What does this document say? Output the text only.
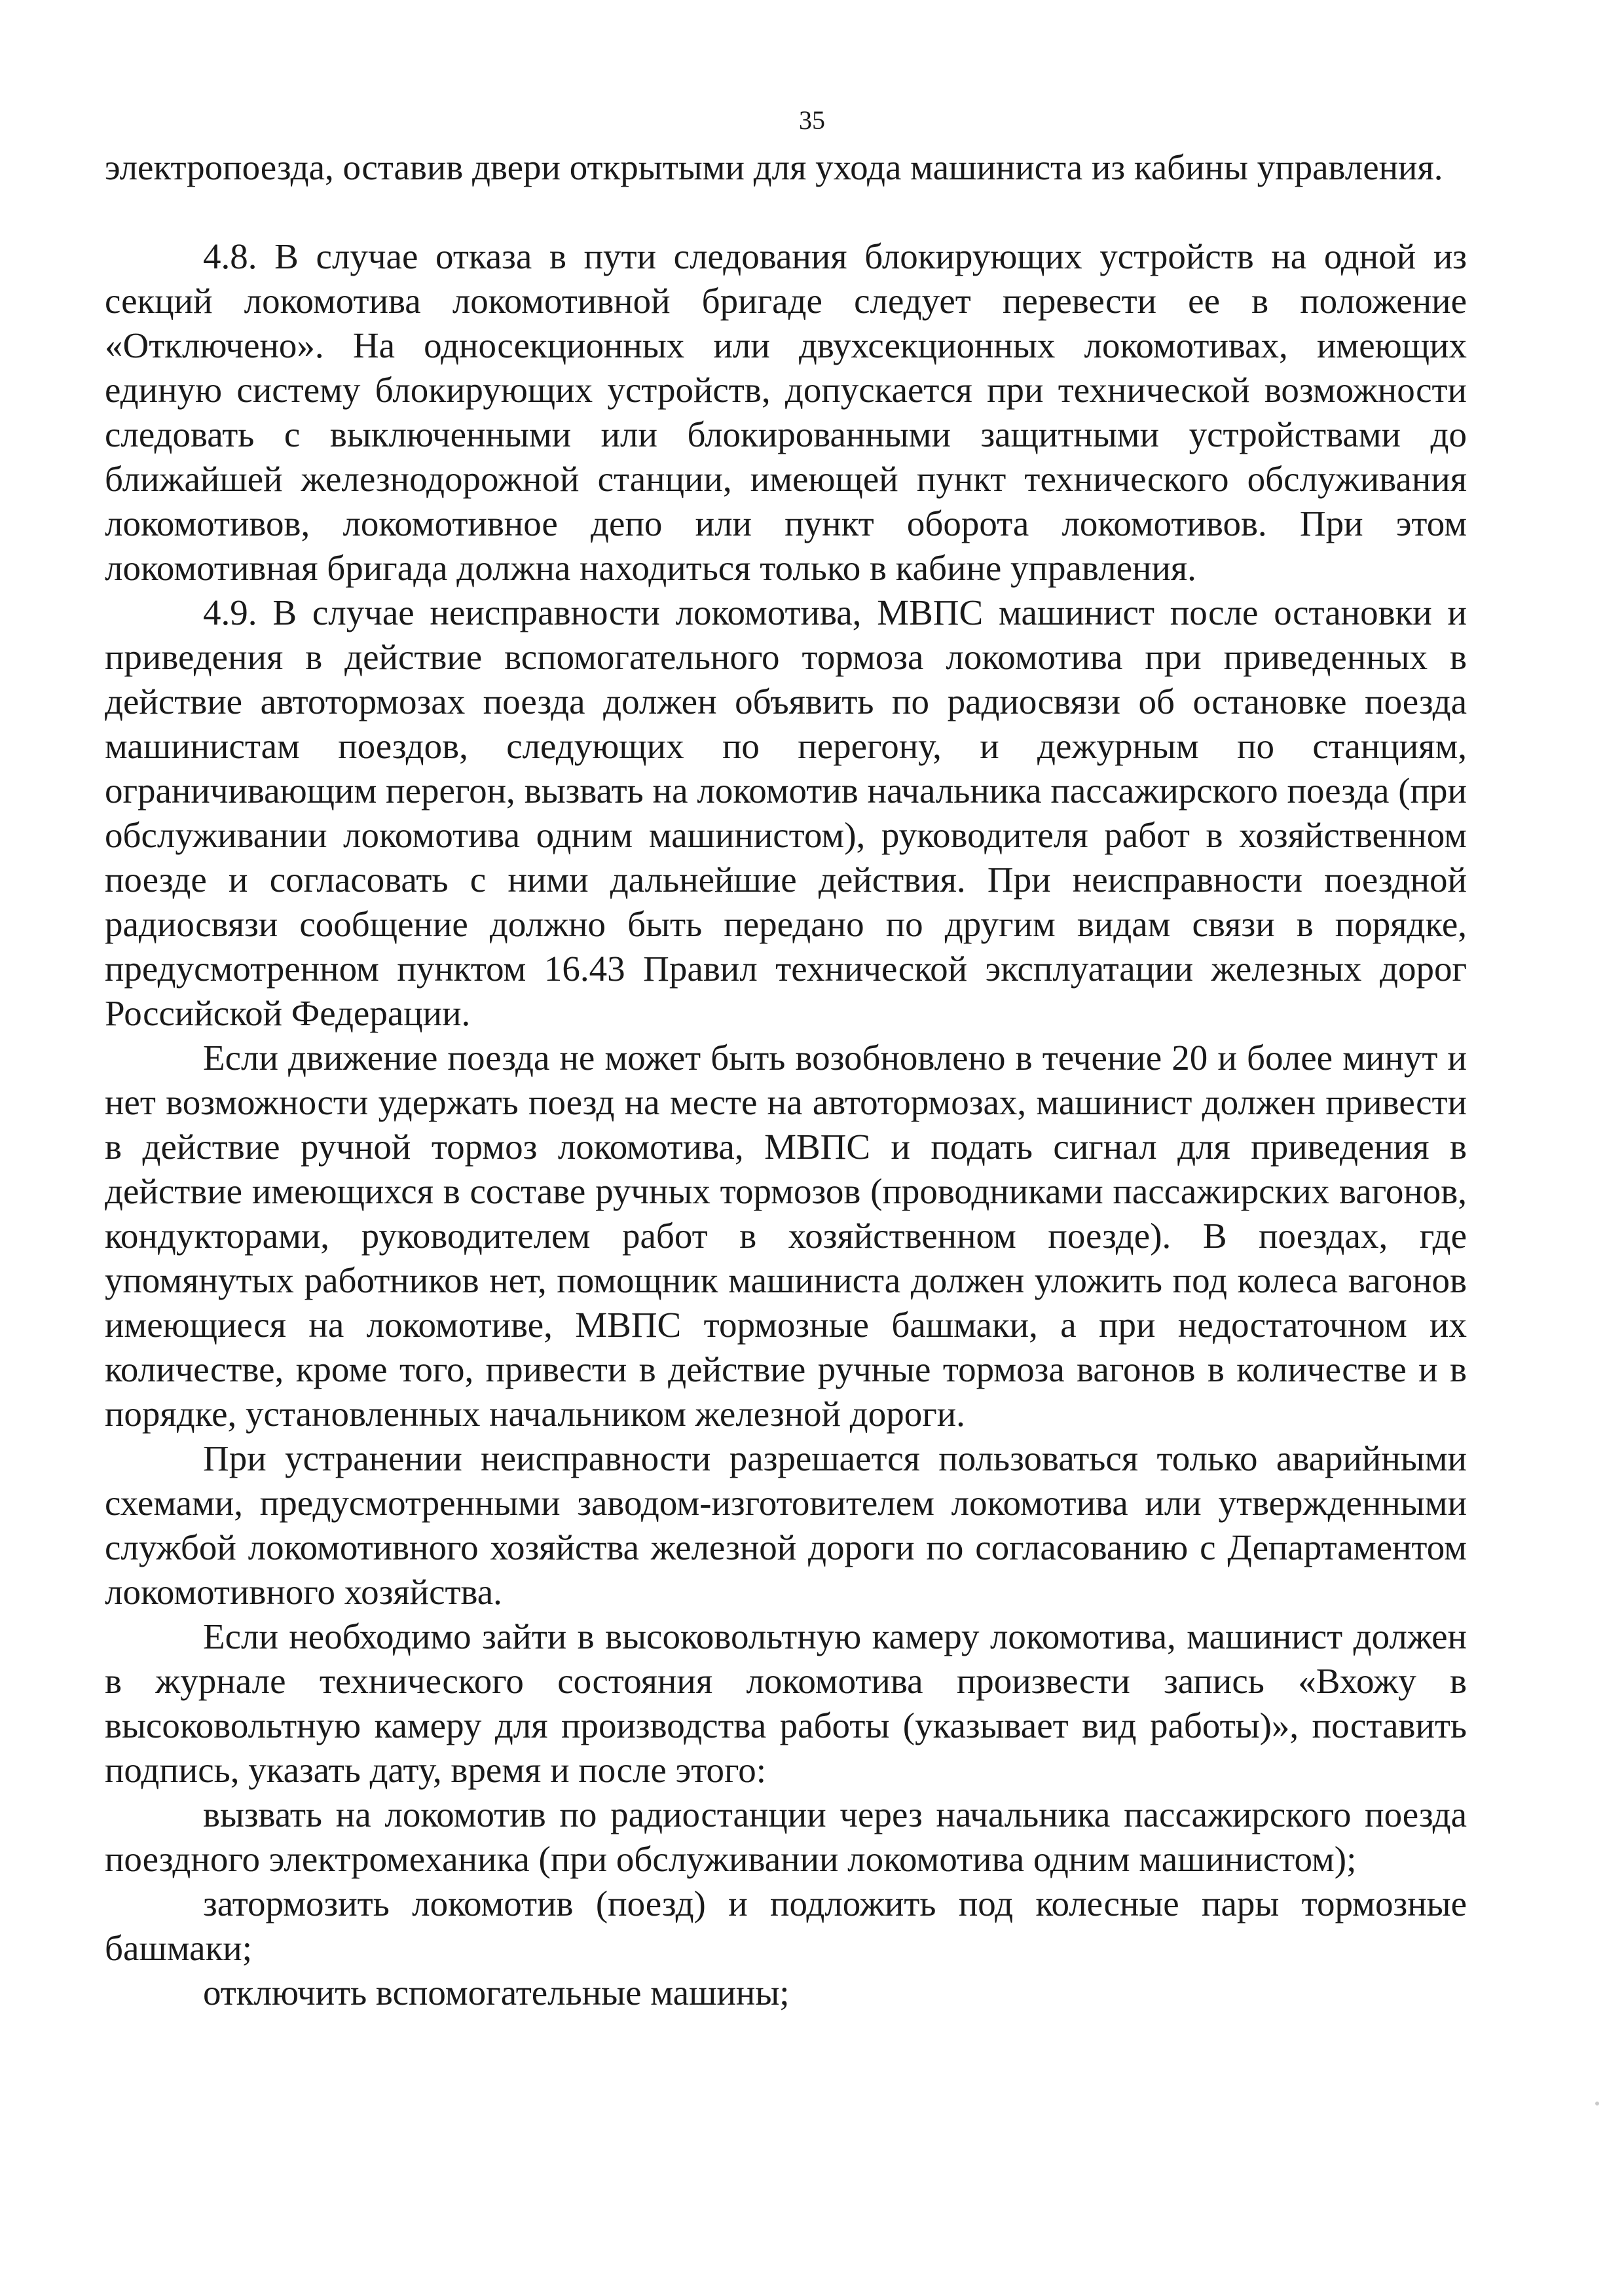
35

электропоезда, оставив двери открытыми для ухода машиниста из кабины управления.

4.8. В случае отказа в пути следования блокирующих устройств на одной из секций локомотива локомотивной бригаде следует перевести ее в положение «Отключено». На односекционных или двухсекционных локомотивах, имеющих единую систему блокирующих устройств, допускается при технической возможности следовать с выключенными или блокированными защитными устройствами до ближайшей железнодорожной станции, имеющей пункт технического обслуживания локомотивов, локомотивное депо или пункт оборота локомотивов. При этом локомотивная бригада должна находиться только в кабине управления.

4.9. В случае неисправности локомотива, МВПС машинист после остановки и приведения в действие вспомогательного тормоза локомотива при приведенных в действие автотормозах поезда должен объявить по радиосвязи об остановке поезда машинистам поездов, следующих по перегону, и дежурным по станциям, ограничивающим перегон, вызвать на локомотив начальника пассажирского поезда (при обслуживании локомотива одним машинистом), руководителя работ в хозяйственном поезде и согласовать с ними дальнейшие действия. При неисправности поездной радиосвязи сообщение должно быть передано по другим видам связи в порядке, предусмотренном пунктом 16.43 Правил технической эксплуатации железных дорог Российской Федерации.

Если движение поезда не может быть возобновлено в течение 20 и более минут и нет возможности удержать поезд на месте на автотормозах, машинист должен привести в действие ручной тормоз локомотива, МВПС и подать сигнал для приведения в действие имеющихся в составе ручных тормозов (проводниками пассажирских вагонов, кондукторами, руководителем работ в хозяйственном поезде). В поездах, где упомянутых работников нет, помощник машиниста должен уложить под колеса вагонов имеющиеся на локомотиве, МВПС тормозные башмаки, а при недостаточном их количестве, кроме того, привести в действие ручные тормоза вагонов в количестве и в порядке, установленных начальником железной дороги.

При устранении неисправности разрешается пользоваться только аварийными схемами, предусмотренными заводом-изготовителем локомотива или утвержденными службой локомотивного хозяйства железной дороги по согласованию с Департаментом локомотивного хозяйства.

Если необходимо зайти в высоковольтную камеру локомотива, машинист должен в журнале технического состояния локомотива произвести запись «Вхожу в высоковольтную камеру для производства работы (указывает вид работы)», поставить подпись, указать дату, время и после этого:

вызвать на локомотив по радиостанции через начальника пассажирского поезда поездного электромеханика (при обслуживании локомотива одним машинистом);

затормозить локомотив (поезд) и подложить под колесные пары тормозные башмаки;

отключить вспомогательные машины;
